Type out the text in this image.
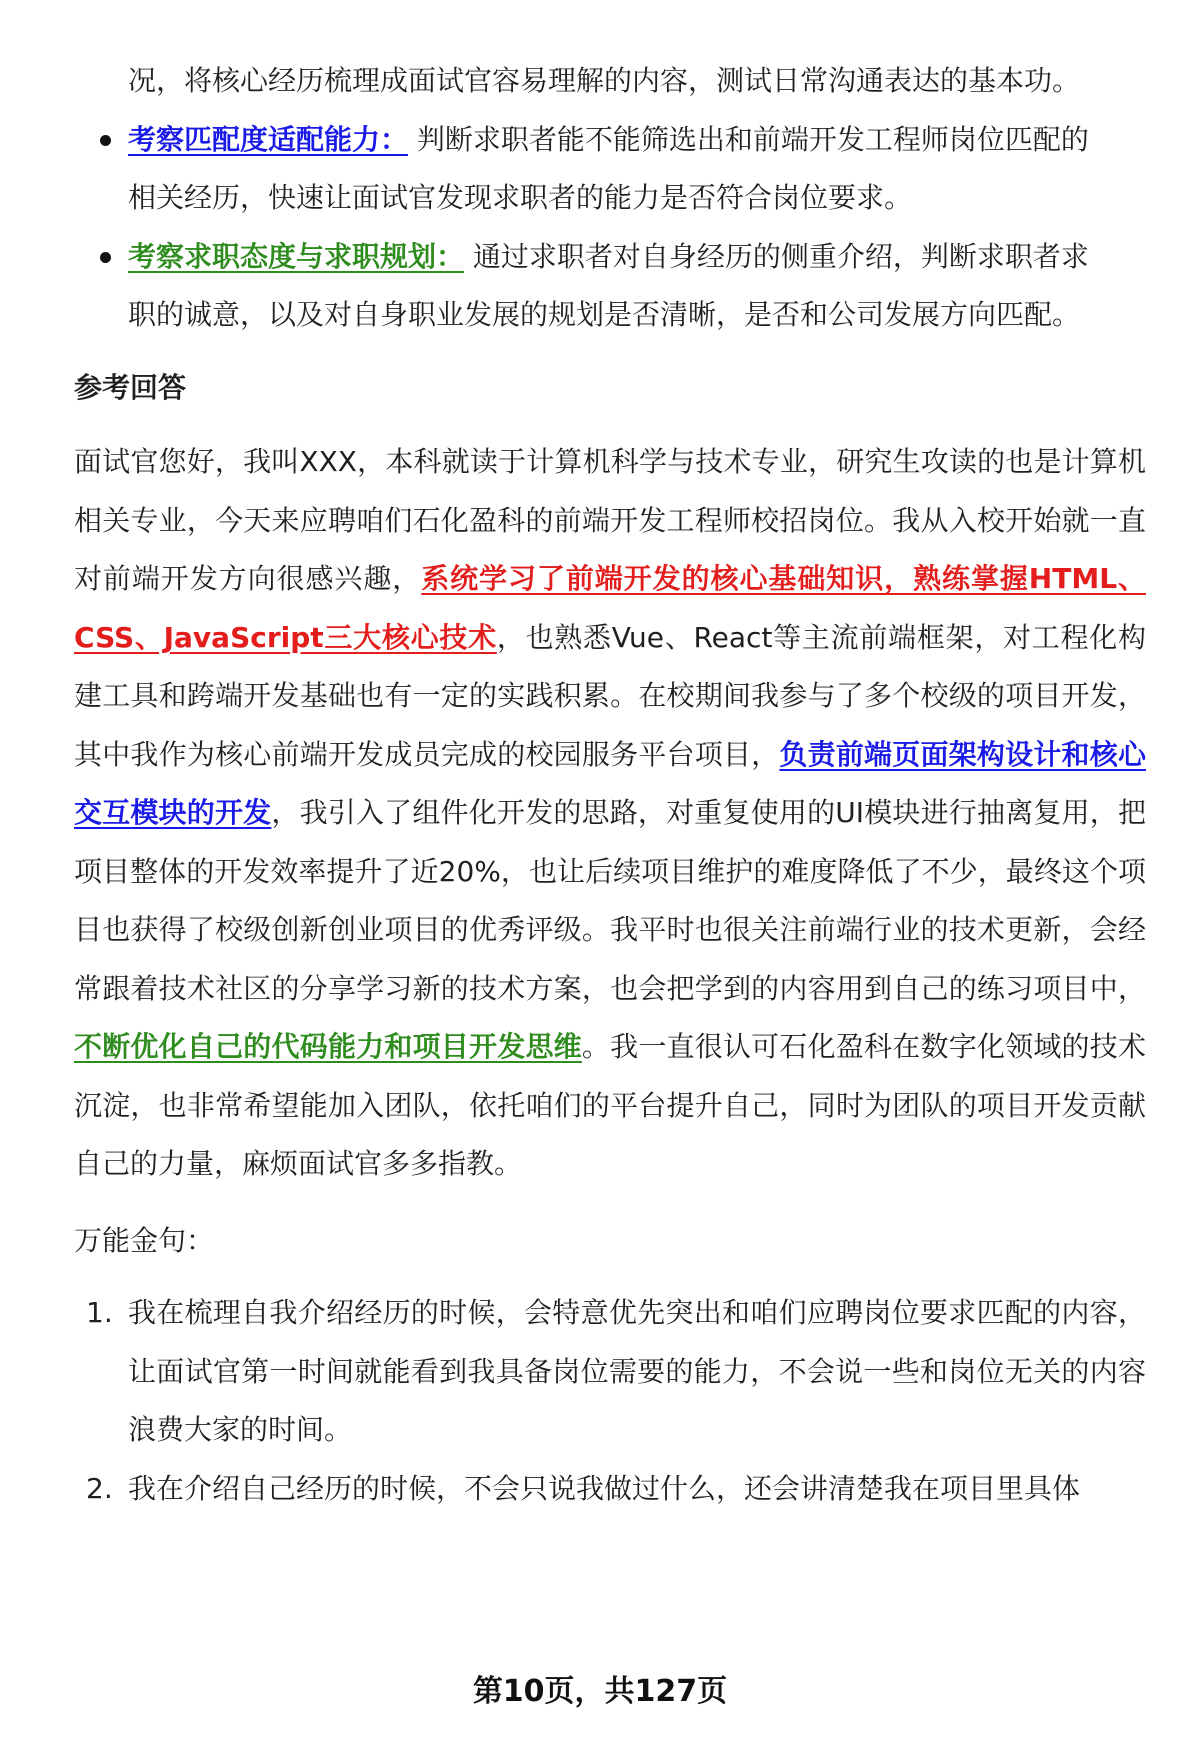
况，将核心经历梳理成面试官容易理解的内容，测试日常沟通表达的基本功。
考察匹配度适配能力： 判断求职者能不能筛选出和前端开发工程师岗位匹配的
相关经历，快速让面试官发现求职者的能力是否符合岗位要求。
考察求职态度与求职规划： 通过求职者对自身经历的侧重介绍，判断求职者求
职的诚意，以及对自身职业发展的规划是否清晰，是否和公司发展方向匹配。
参考回答

面试官您好，我叫XXX，本科就读于计算机科学与技术专业，研究生攻读的也是计算机相关专业，今天来应聘咱们石化盈科的前端开发工程师校招岗位。我从入校开始就一直对前端开发方向很感兴趣，系统学习了前端开发的核心基础知识，熟练掌握HTML、CSS、JavaScript三大核心技术，也熟悉Vue、React等主流前端框架，对工程化构建工具和跨端开发基础也有一定的实践积累。在校期间我参与了多个校级的项目开发，其中我作为核心前端开发成员完成的校园服务平台项目，负责前端页面架构设计和核心交互模块的开发，我引入了组件化开发的思路，对重复使用的UI模块进行抽离复用，把项目整体的开发效率提升了近20%，也让后续项目维护的难度降低了不少，最终这个项目也获得了校级创新创业项目的优秀评级。我平时也很关注前端行业的技术更新，会经常跟着技术社区的分享学习新的技术方案，也会把学到的内容用到自己的练习项目中，不断优化自己的代码能力和项目开发思维。我一直很认可石化盈科在数字化领域的技术沉淀，也非常希望能加入团队，依托咱们的平台提升自己，同时为团队的项目开发贡献自己的力量，麻烦面试官多多指教。

万能金句：
1. 我在梳理自我介绍经历的时候，会特意优先突出和咱们应聘岗位要求匹配的内容，让面试官第一时间就能看到我具备岗位需要的能力，不会说一些和岗位无关的内容浪费大家的时间。
2. 我在介绍自己经历的时候，不会只说我做过什么，还会讲清楚我在项目里具体
第10页，共127页
